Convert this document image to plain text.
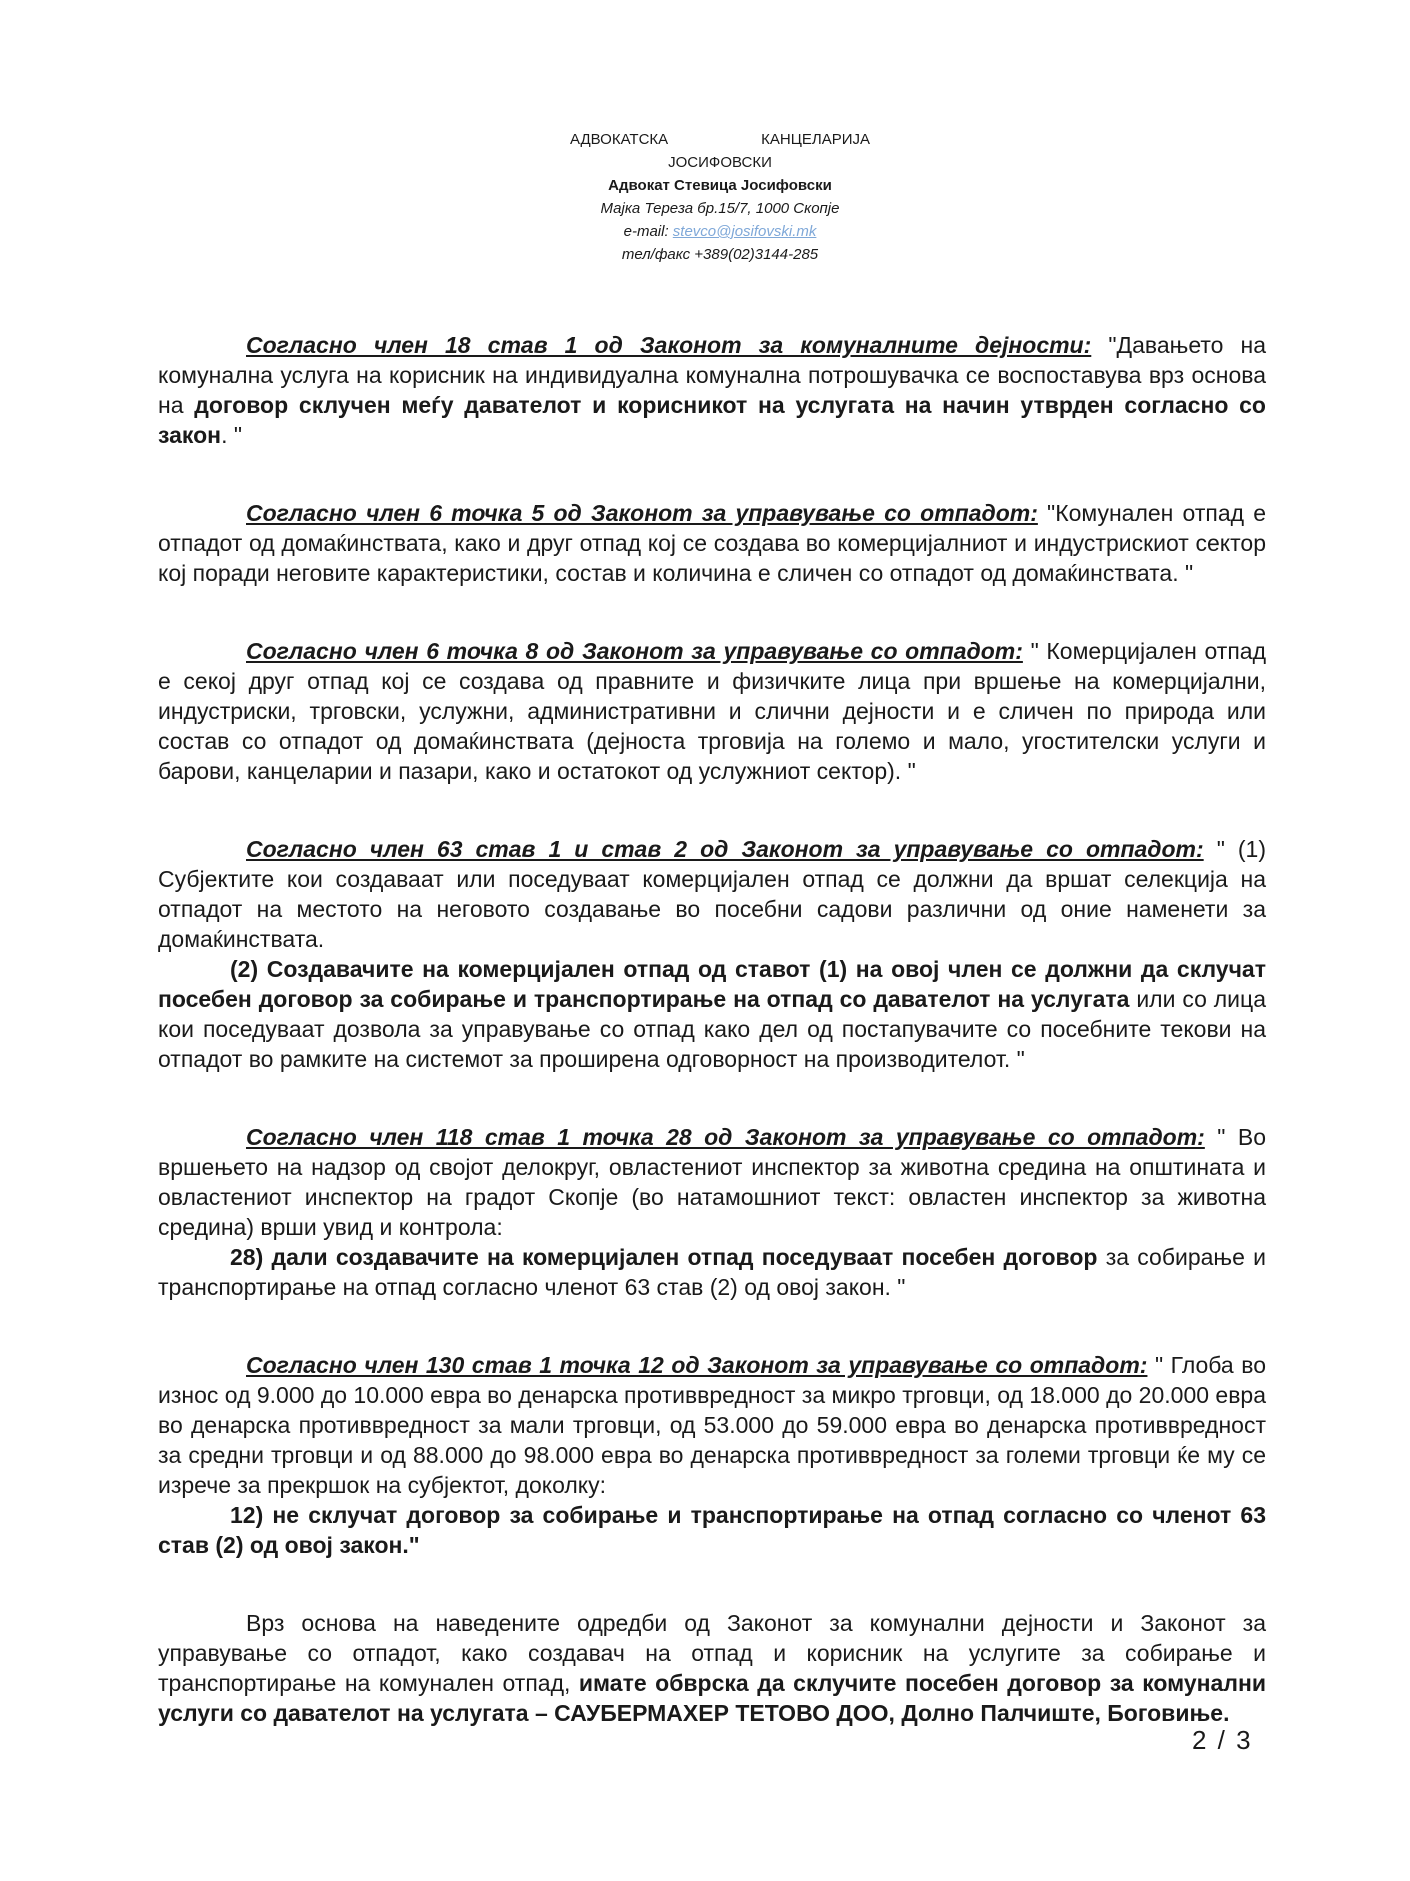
АДВОКАТСКА	КАНЦЕЛАРИЈА
ЈОСИФОВСКИ
Адвокат Стевица Јосифовски
Мајка Тереза бр.15/7, 1000 Скопје
e-mail: stevco@josifovski.mk
тел/факс +389(02)3144-285

Согласно член 18 став 1 од Законот за комуналните дејности: "Давањето на комунална услуга на корисник на индивидуална комунална потрошувачка се воспоставува врз основа на договор склучен меѓу давателот и корисникот на услугата на начин утврден согласно со закон. "

Согласно член 6 точка 5 од Законот за управување со отпадот: "Комунален отпад е отпадот од домаќинствата, како и друг отпад кој се создава во комерцијалниот и индустрискиот сектор кој поради неговите карактеристики, состав и количина е сличен со отпадот од домаќинствата. "

Согласно член 6 точка 8 од Законот за управување со отпадот: " Комерцијален отпад е секој друг отпад кој се создава од правните и физичките лица при вршење на комерцијални, индустриски, трговски, услужни, административни и слични дејности и е сличен по природа или состав со отпадот од домаќинствата (дејноста трговија на големо и мало, угостителски услуги и барови, канцеларии и пазари, како и остатокот од услужниот сектор). "

Согласно член 63 став 1 и став 2 од Законот за управување со отпадот: " (1) Субјектите кои создаваат или поседуваат комерцијален отпад се должни да вршат селекција на отпадот на местото на неговото создавање во посебни садови различни од оние наменети за домаќинствата.

(2) Создавачите на комерцијален отпад од ставот (1) на овој член се должни да склучат посебен договор за собирање и транспортирање на отпад со давателот на услугата или со лица кои поседуваат дозвола за управување со отпад како дел од постапувачите со посебните текови на отпадот во рамките на системот за проширена одговорност на производителот. "

Согласно член 118 став 1 точка 28 од Законот за управување со отпадот: " Во вршењето на надзор од својот делокруг, овластениот инспектор за животна средина на општината и овластениот инспектор на градот Скопје (во натамошниот текст: овластен инспектор за животна средина) врши увид и контрола:

28) дали создавачите на комерцијален отпад поседуваат посебен договор за собирање и транспортирање на отпад согласно членот 63 став (2) од овој закон. "

Согласно член 130 став 1 точка 12 од Законот за управување со отпадот: " Глоба во износ од 9.000 до 10.000 евра во денарска противвредност за микро трговци, од 18.000 до 20.000 евра во денарска противвредност за мали трговци, од 53.000 до 59.000 евра во денарска противвредност за средни трговци и од 88.000 до 98.000 евра во денарска противвредност за големи трговци ќе му се изрече за прекршок на субјектот, доколку:

12) не склучат договор за собирање и транспортирање на отпад согласно со членот 63 став (2) од овој закон."

Врз основа на наведените одредби од Законот за комунални дејности и Законот за управување со отпадот, како создавач на отпад и корисник на услугите за собирање и транспортирање на комунален отпад, имате обврска да склучите посебен договор за комунални услуги со давателот на услугата – САУБЕРМАХЕР ТЕТОВО ДОО, Долно Палчиште, Боговиње.

2 / 3
